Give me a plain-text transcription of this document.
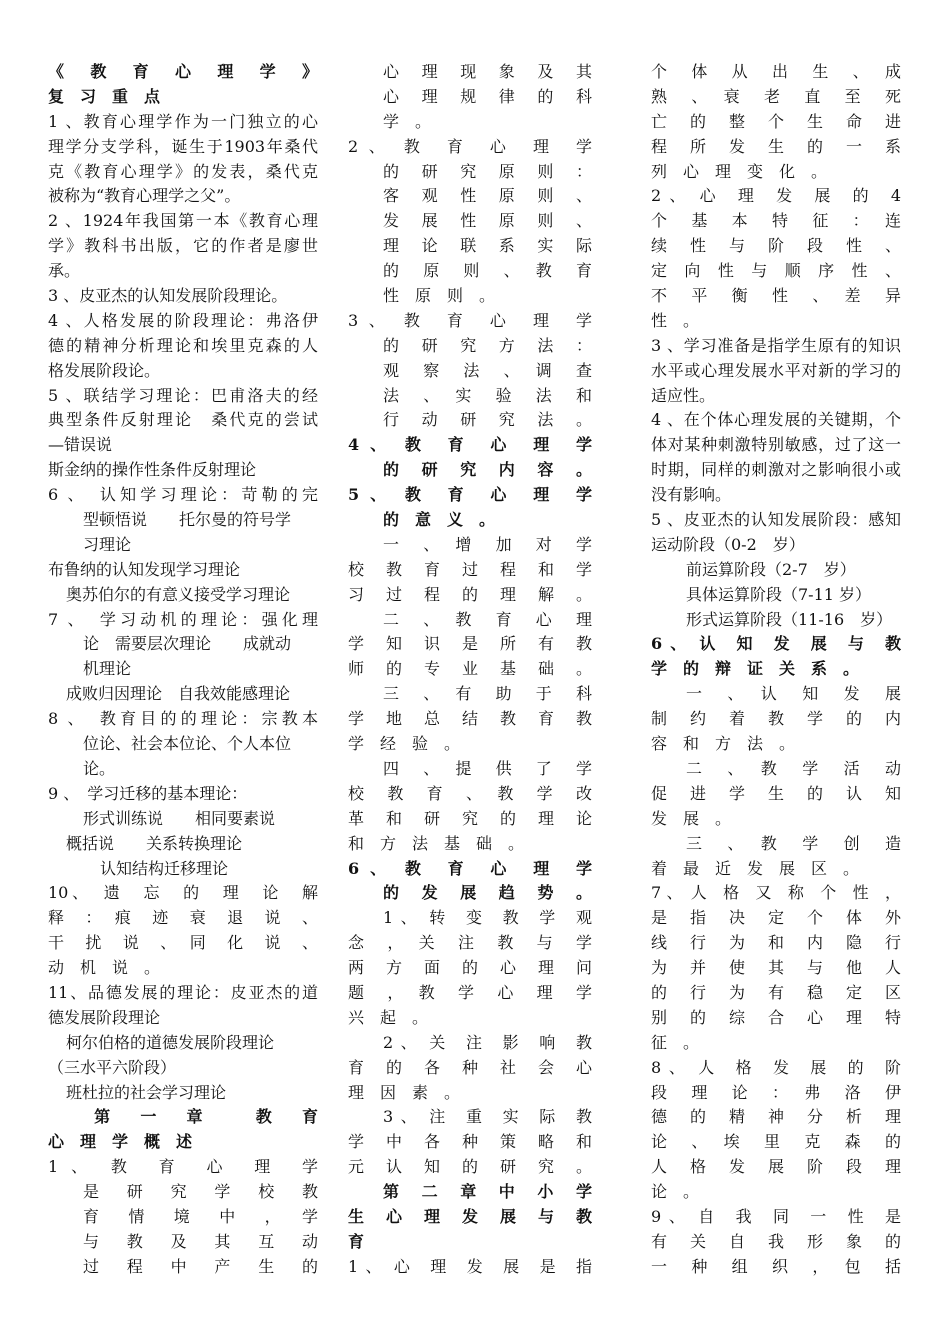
《　教　育　心　理　学　》
复　习　重　点
1 、教育心理学作为一门独立的心
理学分支学科，诞生于1903年桑代
克《教育心理学》的发表，桑代克
被称为“教育心理学之父”。
2 、1924年我国第一本《教育心理
学》教科书出版，它的作者是廖世
承。
3 、皮亚杰的认知发展阶段理论。
4 、人格发展的阶段理论：弗洛伊
德的精神分析理论和埃里克森的人
格发展阶段论。
5 、联结学习理论：巴甫洛夫的经
典型条件反射理论　桑代克的尝试
—错误说
斯金纳的操作性条件反射理论
6 、　认知学习理论：苛勒的完
型顿悟说　　托尔曼的符号学
习理论
布鲁纳的认知发现学习理论
奥苏伯尔的有意义接受学习理论
7 、　学习动机的理论：强化理
论　需要层次理论　　成就动
机理论
成败归因理论　自我效能感理论
8 、　教育目的的理论：宗教本
位论、社会本位论、个人本位
论。
9 、　学习迁移的基本理论：
形式训练说　　相同要素说
概括说　　关系转换理论
认知结构迁移理论
10、　遗　忘　的　理　论　解
释　：　痕　迹　衰　退　说　、
干　扰　说　、　同　化　说　、
动　机　说　。
11、品德发展的理论：皮亚杰的道
德发展阶段理论
柯尔伯格的道德发展阶段理论
（三水平六阶段）
班杜拉的社会学习理论
　　第　一　章　　教　育
心　理　学　概　述
1 、　教　育　心　理　学
是　研　究　学　校　教
育　情　境　中　，　学
与　教　及　其　互　动
过　程　中　产　生　的
心　理　现　象　及　其
心　理　规　律　的　科
学　。
2 、　教　育　心　理　学
的　研　究　原　则　：
客　观　性　原　则　、
发　展　性　原　则　、
理　论　联　系　实　际
的　原　则　、　教　育
性　原　则　。
3 、　教　育　心　理　学
的　研　究　方　法　：
观　察　法　、　调　查
法　、　实　验　法　和
行　动　研　究　法　。
4 、　教　育　心　理　学
的　研　究　内　容　。
5 、　教　育　心　理　学
的　意　义　。
一　、　增　加　对　学
校　教　育　过　程　和　学
习　过　程　的　理　解　。
二　、　教　育　心　理
学　知　识　是　所　有　教
师　的　专　业　基　础　。
三　、　有　助　于　科
学　地　总　结　教　育　教
学　经　验　。
四　、　提　供　了　学
校　教　育　、　教　学　改
革　和　研　究　的　理　论
和　方　法　基　础　。
6 、　教　育　心　理　学
的　发　展　趋　势　。
1 、　转　变　教　学　观
念　，　关　注　教　与　学
两　方　面　的　心　理　问
题　，　教　学　心　理　学
兴　起　。
2 、　关　注　影　响　教
育　的　各　种　社　会　心
理　因　素　。
3 、　注　重　实　际　教
学　中　各　种　策　略　和
元　认　知　的　研　究　。
第　二　章　中　小　学
生　心　理　发　展　与　教
育
1 、　心　理　发　展　是　指
个　体　从　出　生　、　成
熟　、　衰　老　直　至　死
亡　的　整　个　生　命　进
程　所　发　生　的　一　系
列　心　理　变　化　。
2 、　心　理　发　展　的　4
个　基　本　特　征　：　连
续　性　与　阶　段　性　、
定　向　性　与　顺　序　性　、
不　平　衡　性　、　差　异
性　。
3 、学习准备是指学生原有的知识
水平或心理发展水平对新的学习的
适应性。
4 、在个体心理发展的关键期，个
体对某种刺激特别敏感，过了这一
时期，同样的刺激对之影响很小或
没有影响。
5 、皮亚杰的认知发展阶段：感知
运动阶段（0-2　岁）
前运算阶段（2-7　岁）
具体运算阶段（7-11 岁）
形式运算阶段（11-16　岁）
6 、　认　知　发　展　与　教
学　的　辩　证　关　系　。
一　、　认　知　发　展
制　约　着　教　学　的　内
容　和　方　法　。
二　、　教　学　活　动
促　进　学　生　的　认　知
发　展　。
三　、　教　学　创　造
着　最　近　发　展　区　。
7 、　人　格　又　称　个　性　，
是　指　决　定　个　体　外
线　行　为　和　内　隐　行
为　并　使　其　与　他　人
的　行　为　有　稳　定　区
别　的　综　合　心　理　特
征　。
8 、　人　格　发　展　的　阶
段　理　论　：　弗　洛　伊
德　的　精　神　分　析　理
论　、　埃　里　克　森　的
人　格　发　展　阶　段　理
论　。
9 、　自　我　同　一　性　是
有　关　自　我　形　象　的
一　种　组　织　，　包　括
